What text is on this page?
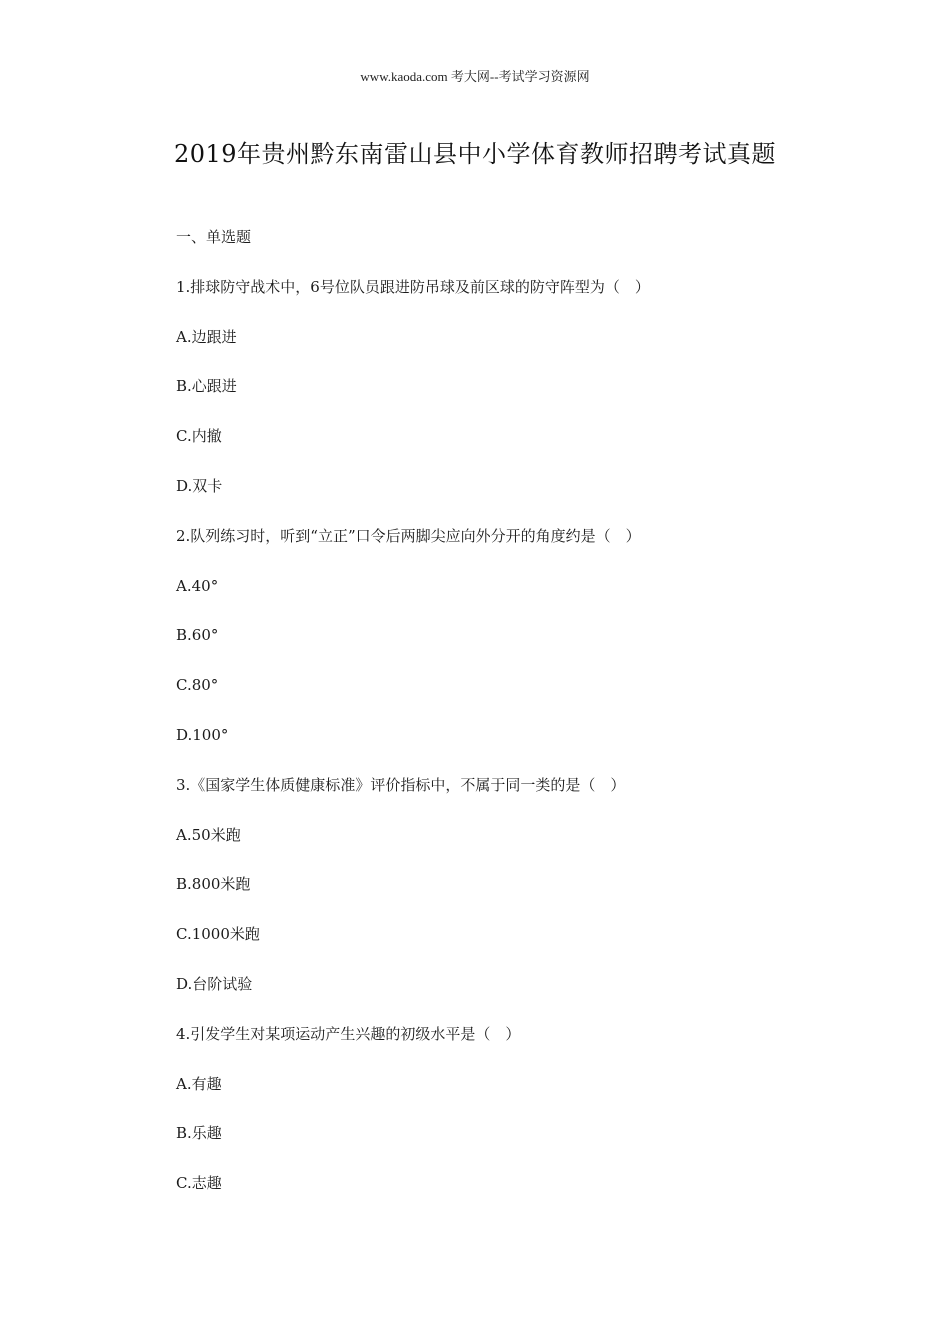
www.kaoda.com 考大网--考试学习资源网
2019年贵州黔东南雷山县中小学体育教师招聘考试真题
一、单选题
1.排球防守战术中，6号位队员跟进防吊球及前区球的防守阵型为（　）
A.边跟进
B.心跟进
C.内撤
D.双卡
2.队列练习时，听到“立正”口令后两脚尖应向外分开的角度约是（　）
A.40°
B.60°
C.80°
D.100°
3.《国家学生体质健康标准》评价指标中，不属于同一类的是（　）
A.50米跑
B.800米跑
C.1000米跑
D.台阶试验
4.引发学生对某项运动产生兴趣的初级水平是（　）
A.有趣
B.乐趣
C.志趣
